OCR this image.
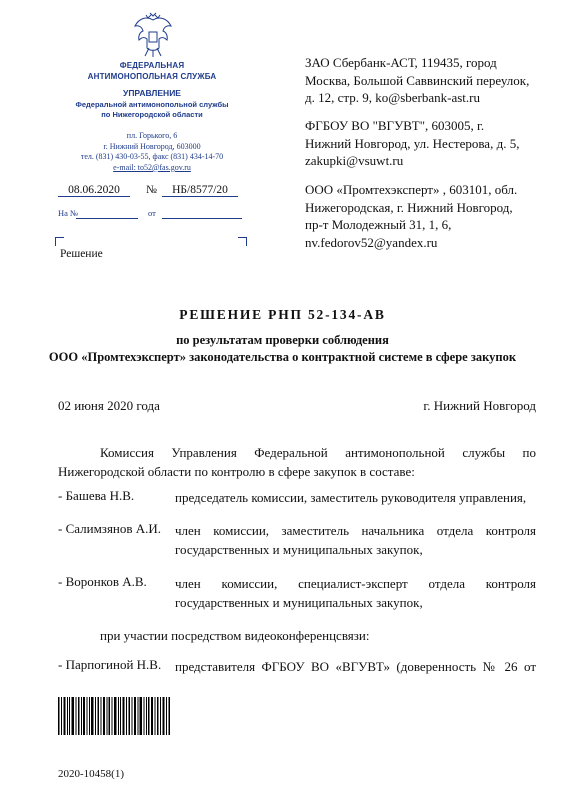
ФЕДЕРАЛЬНАЯ
АНТИМОНОПОЛЬНАЯ СЛУЖБА
УПРАВЛЕНИЕ
Федеральной антимонопольной службы
по Нижегородской области
пл. Горького, 6
г. Нижний Новгород, 603000
тел. (831) 430-03-55, факс (831) 434-14-70
e-mail: to52@fas.gov.ru
08.06.2020	№	НБ/8577/20
На №	от
Решение
ЗАО Сбербанк-АСТ, 119435, город
Москва, Большой Саввинский переулок,
д. 12, стр. 9, ko@sberbank-ast.ru
ФГБОУ ВО "ВГУВТ", 603005, г.
Нижний Новгород, ул. Нестерова, д. 5,
zakupki@vsuwt.ru
ООО «Промтехэксперт» , 603101, обл.
Нижегородская, г. Нижний Новгород,
пр-т Молодежный 31, 1, 6,
nv.fedorov52@yandex.ru
РЕШЕНИЕ РНП 52-134-АВ
по результатам проверки соблюдения
ООО «Промтехэксперт» законодательства о контрактной системе в сфере закупок
02 июня 2020 года	г. Нижний Новгород
Комиссия Управления Федеральной антимонопольной службы по Нижегородской области по контролю в сфере закупок в составе:
- Башева Н.В.	председатель комиссии, заместитель руководителя управления,
- Салимзянов А.И. член комиссии, заместитель начальника отдела контроля
государственных и муниципальных закупок,
- Воронков А.В. член комиссии, специалист-эксперт отдела контроля
государственных и муниципальных закупок,
при участии посредством видеоконференцсвязи:
- Парпогиной Н.В. представителя ФГБОУ ВО «ВГУВТ» (доверенность № 26 от
2020-10458(1)
